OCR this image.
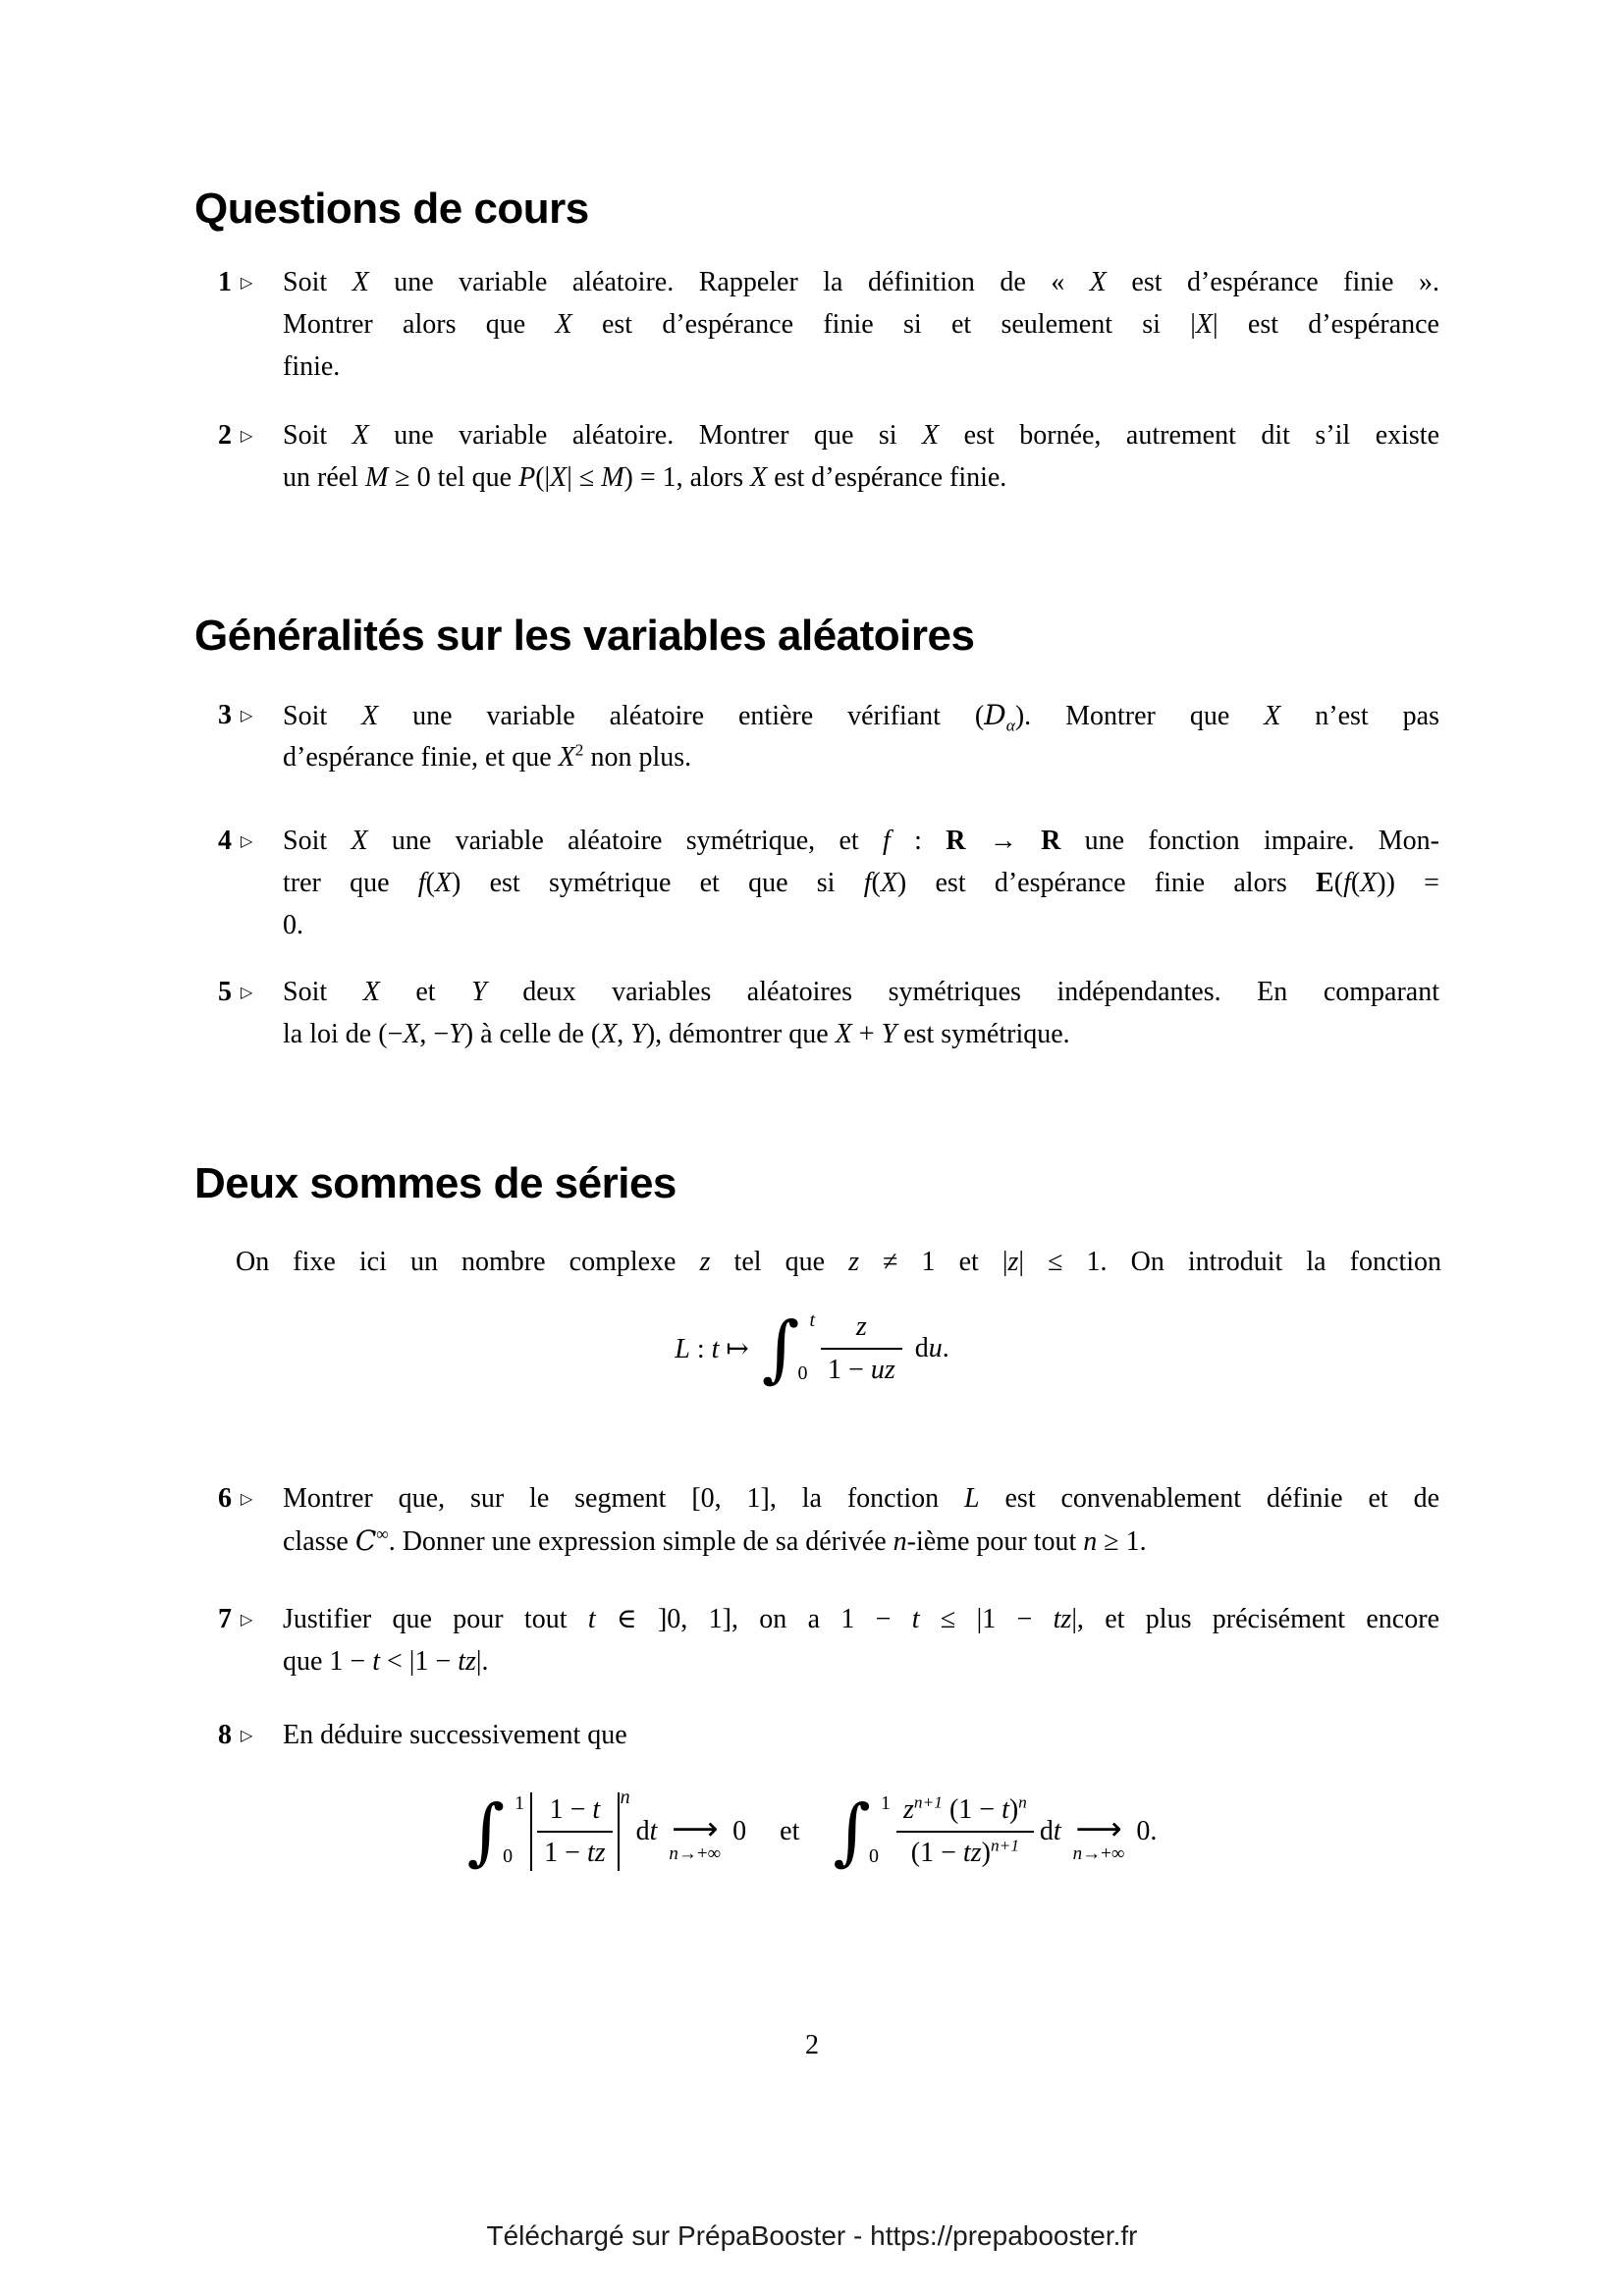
Questions de cours
1 ▷	Soit X une variable aléatoire. Rappeler la définition de « X est d’espérance finie ».
Montrer alors que X est d’espérance finie si et seulement si |X| est d’espérance
finie.
2 ▷	Soit X une variable aléatoire. Montrer que si X est bornée, autrement dit s’il existe
un réel M ≥ 0 tel que P(|X| ≤ M) = 1, alors X est d’espérance finie.
Généralités sur les variables aléatoires
3 ▷	Soit X une variable aléatoire entière vérifiant $(D_\alpha)$. Montrer que X n’est pas
d’espérance finie, et que $X^2$ non plus.
4 ▷	Soit X une variable aléatoire symétrique, et f : R → R une fonction impaire. Mon-
trer que f(X) est symétrique et que si f(X) est d’espérance finie alors E(f(X)) =
0.
5 ▷	Soit X et Y deux variables aléatoires symétriques indépendantes. En comparant
la loi de (−X, −Y) à celle de (X, Y), démontrer que X + Y est symétrique.
Deux sommes de séries
On fixe ici un nombre complexe z tel que z ≠ 1 et |z| ≤ 1. On introduit la fonction
L : t ↦ ∫ t
$0 \frac{z}{1 - uz}$ du.
6 ▷	Montrer que, sur le segment [0, 1], la fonction L est convenablement définie et de
classe C∞. Donner une expression simple de sa dérivée n-ième pour tout n ≥ 1.
7 ▷	Justifier que pour tout t ∈ ]0, 1], on a 1 − t ≤ |1 − tz|, et plus précisément encore
que 1 − t < |1 − tz|.
8 ▷	En déduire successivement que
∫ 1
$0 \frac{1 - t}{1 - tz}$ n
dt ⟶
n→+∞
0 et ∫ 1
$0 \frac{z^{n+1} (1 - t)^n}{(1 - tz)^{n+1}}$ dt ⟶
n→+∞
0.
2
Téléchargé sur PrépaBooster - https://prepabooster.fr
